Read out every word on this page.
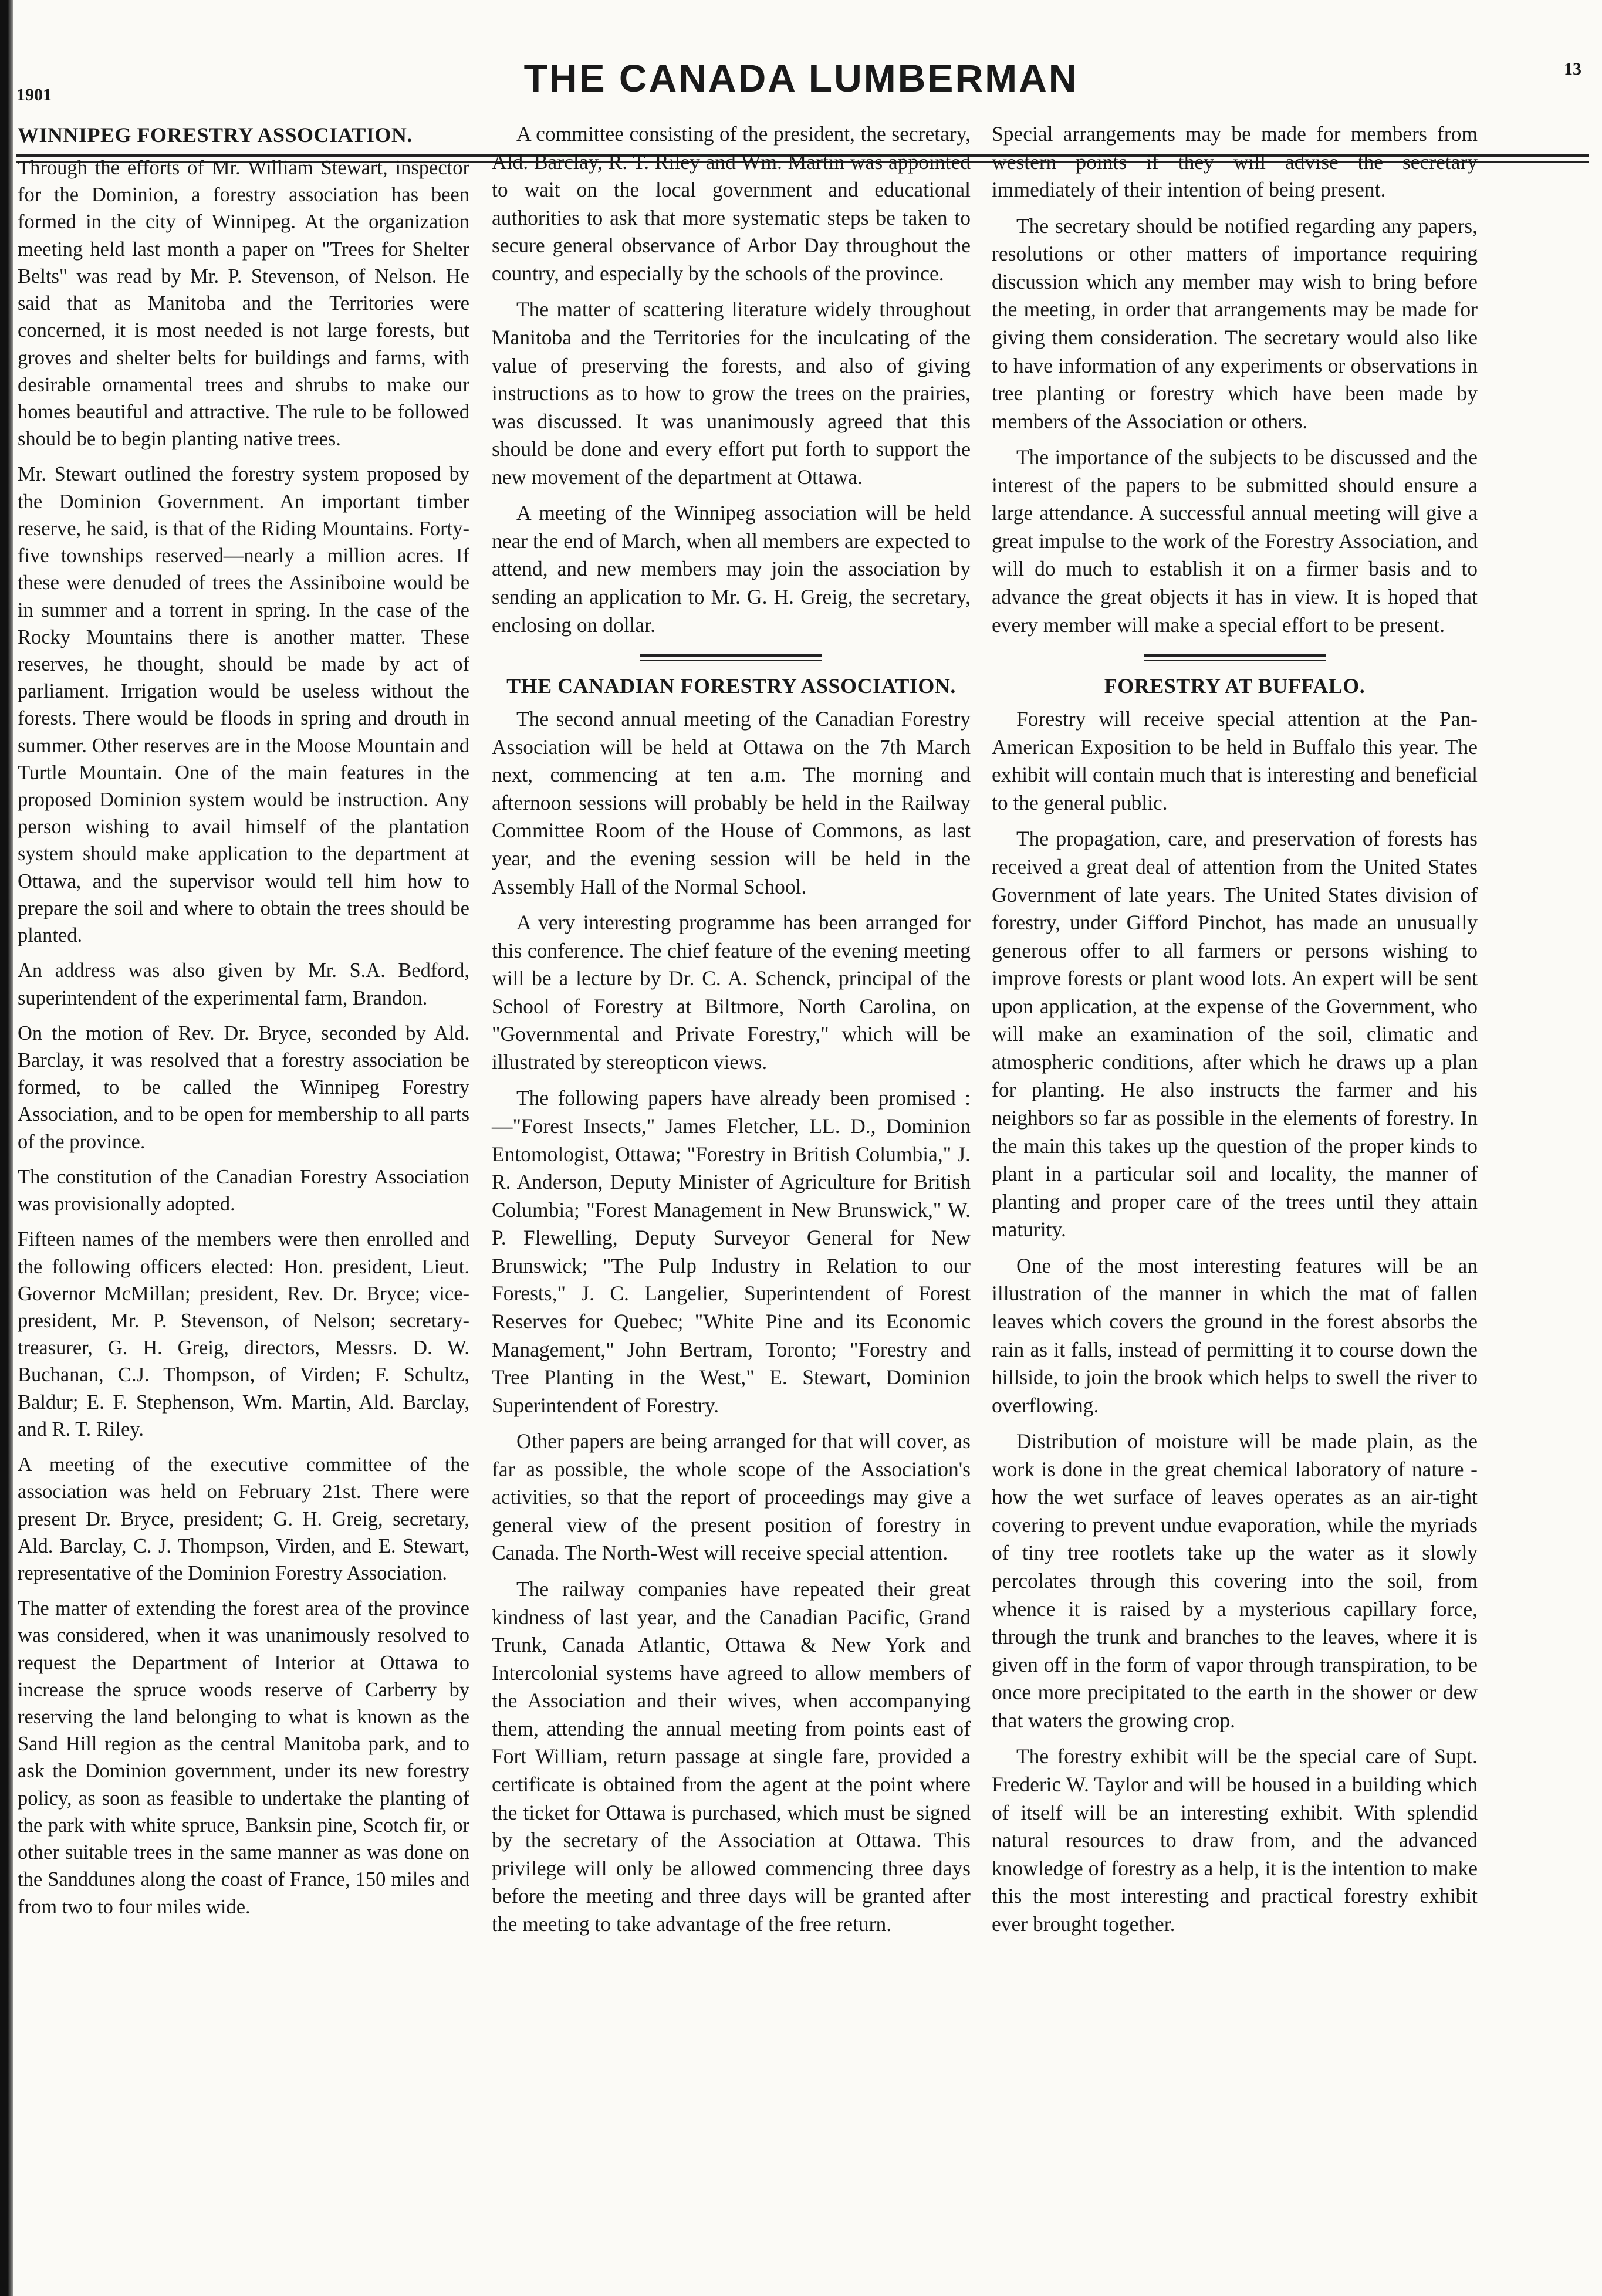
1901	THE CANADA LUMBERMAN	13
WINNIPEG FORESTRY ASSOCIATION.

Through the efforts of Mr. William Stewart, inspector for the Dominion, a forestry association has been formed in the city of Winnipeg. At the organization meeting held last month a paper on "Trees for Shelter Belts" was read by Mr. P. Stevenson, of Nelson. He said that as Manitoba and the Territories were concerned, it is most needed is not large forests, but groves and shelter belts for buildings and farms, with desirable ornamental trees and shrubs to make our homes beautiful and attractive. The rule to be followed should be to begin planting native trees.

Mr. Stewart outlined the forestry system proposed by the Dominion Government. An important timber reserve, he said, is that of the Riding Mountains. Forty-five townships reserved—nearly a million acres. If these were denuded of trees the Assiniboine would be in summer and a torrent in spring. In the case of the Rocky Mountains there is another matter. These reserves, he thought, should be made by act of parliament. Irrigation would be useless without the forests. There would be floods in spring and drouth in summer. Other reserves are in the Moose Mountain and Turtle Mountain. One of the main features in the proposed Dominion system would be instruction. Any person wishing to avail himself of the plantation system should make application to the department at Ottawa, and the supervisor would tell him how to prepare the soil and where to obtain the trees should be planted.

An address was also given by Mr. S.A. Bedford, superintendent of the experimental farm, Brandon.

On the motion of Rev. Dr. Bryce, seconded by Ald. Barclay, it was resolved that a forestry association be formed, to be called the Winnipeg Forestry Association, and to be open for membership to all parts of the province.

The constitution of the Canadian Forestry Association was provisionally adopted.

Fifteen names of the members were then enrolled and the following officers elected: Hon. president, Lieut. Governor McMillan; president, Rev. Dr. Bryce; vice-president, Mr. P. Stevenson, of Nelson; secretary-treasurer, G. H. Greig, directors, Messrs. D. W. Buchanan, C.J. Thompson, of Virden; F. Schultz, Baldur; E. F. Stephenson, Wm. Martin, Ald. Barclay, and R. T. Riley.

A meeting of the executive committee of the association was held on February 21st. There were present Dr. Bryce, president; G. H. Greig, secretary, Ald. Barclay, C. J. Thompson, Virden, and E. Stewart, representative of the Dominion Forestry Association.

The matter of extending the forest area of the province was considered, when it was unanimously resolved to request the Department of Interior at Ottawa to increase the spruce woods reserve of Carberry by reserving the land belonging to what is known as the Sand Hill region as the central Manitoba park, and to ask the Dominion government, under its new forestry policy, as soon as feasible to undertake the planting of the park with white spruce, Banksin pine, Scotch fir, or other suitable trees in the same manner as was done on the Sanddunes along the coast of France, 150 miles and from two to four miles wide.

A committee consisting of the president, the secretary, Ald. Barclay, R. T. Riley and Wm. Martin was appointed to wait on the local government and educational authorities to ask that more systematic steps be taken to secure general observance of Arbor Day throughout the country, and especially by the schools of the province.

The matter of scattering literature widely throughout Manitoba and the Territories for the inculcating of the value of preserving the forests, and also of giving instructions as to how to grow the trees on the prairies, was discussed. It was unanimously agreed that this should be done and every effort put forth to support the new movement of the department at Ottawa.

A meeting of the Winnipeg association will be held near the end of March, when all members are expected to attend, and new members may join the association by sending an application to Mr. G. H. Greig, the secretary, enclosing on dollar.

THE CANADIAN FORESTRY ASSOCIATION.

The second annual meeting of the Canadian Forestry Association will be held at Ottawa on the 7th March next, commencing at ten a.m. The morning and afternoon sessions will probably be held in the Railway Committee Room of the House of Commons, as last year, and the evening session will be held in the Assembly Hall of the Normal School.

A very interesting programme has been arranged for this conference. The chief feature of the evening meeting will be a lecture by Dr. C. A. Schenck, principal of the School of Forestry at Biltmore, North Carolina, on "Governmental and Private Forestry," which will be illustrated by stereopticon views.

The following papers have already been promised :—"Forest Insects," James Fletcher, LL. D., Dominion Entomologist, Ottawa; "Forestry in British Columbia," J. R. Anderson, Deputy Minister of Agriculture for British Columbia; "Forest Management in New Brunswick," W. P. Flewelling, Deputy Surveyor General for New Brunswick; "The Pulp Industry in Relation to our Forests," J. C. Langelier, Superintendent of Forest Reserves for Quebec; "White Pine and its Economic Management," John Bertram, Toronto; "Forestry and Tree Planting in the West," E. Stewart, Dominion Superintendent of Forestry.

Other papers are being arranged for that will cover, as far as possible, the whole scope of the Association's activities, so that the report of proceedings may give a general view of the present position of forestry in Canada. The North-West will receive special attention.

The railway companies have repeated their great kindness of last year, and the Canadian Pacific, Grand Trunk, Canada Atlantic, Ottawa & New York and Intercolonial systems have agreed to allow members of the Association and their wives, when accompanying them, attending the annual meeting from points east of Fort William, return passage at single fare, provided a certificate is obtained from the agent at the point where the ticket for Ottawa is purchased, which must be signed by the secretary of the Association at Ottawa. This privilege will only be allowed commencing three days before the meeting and three days will be granted after the meeting to take advantage of the free return.

Special arrangements may be made for members from western points if they will advise the secretary immediately of their intention of being present.

The secretary should be notified regarding any papers, resolutions or other matters of importance requiring discussion which any member may wish to bring before the meeting, in order that arrangements may be made for giving them consideration. The secretary would also like to have information of any experiments or observations in tree planting or forestry which have been made by members of the Association or others.

The importance of the subjects to be discussed and the interest of the papers to be submitted should ensure a large attendance. A successful annual meeting will give a great impulse to the work of the Forestry Association, and will do much to establish it on a firmer basis and to advance the great objects it has in view. It is hoped that every member will make a special effort to be present.

FORESTRY AT BUFFALO.

Forestry will receive special attention at the Pan-American Exposition to be held in Buffalo this year. The exhibit will contain much that is interesting and beneficial to the general public.

The propagation, care, and preservation of forests has received a great deal of attention from the United States Government of late years. The United States division of forestry, under Gifford Pinchot, has made an unusually generous offer to all farmers or persons wishing to improve forests or plant wood lots. An expert will be sent upon application, at the expense of the Government, who will make an examination of the soil, climatic and atmospheric conditions, after which he draws up a plan for planting. He also instructs the farmer and his neighbors so far as possible in the elements of forestry. In the main this takes up the question of the proper kinds to plant in a particular soil and locality, the manner of planting and proper care of the trees until they attain maturity.

One of the most interesting features will be an illustration of the manner in which the mat of fallen leaves which covers the ground in the forest absorbs the rain as it falls, instead of permitting it to course down the hillside, to join the brook which helps to swell the river to overflowing.

Distribution of moisture will be made plain, as the work is done in the great chemical laboratory of nature - how the wet surface of leaves operates as an air-tight covering to prevent undue evaporation, while the myriads of tiny tree rootlets take up the water as it slowly percolates through this covering into the soil, from whence it is raised by a mysterious capillary force, through the trunk and branches to the leaves, where it is given off in the form of vapor through transpiration, to be once more precipitated to the earth in the shower or dew that waters the growing crop.

The forestry exhibit will be the special care of Supt. Frederic W. Taylor and will be housed in a building which of itself will be an interesting exhibit. With splendid natural resources to draw from, and the advanced knowledge of forestry as a help, it is the intention to make this the most interesting and practical forestry exhibit ever brought together.
